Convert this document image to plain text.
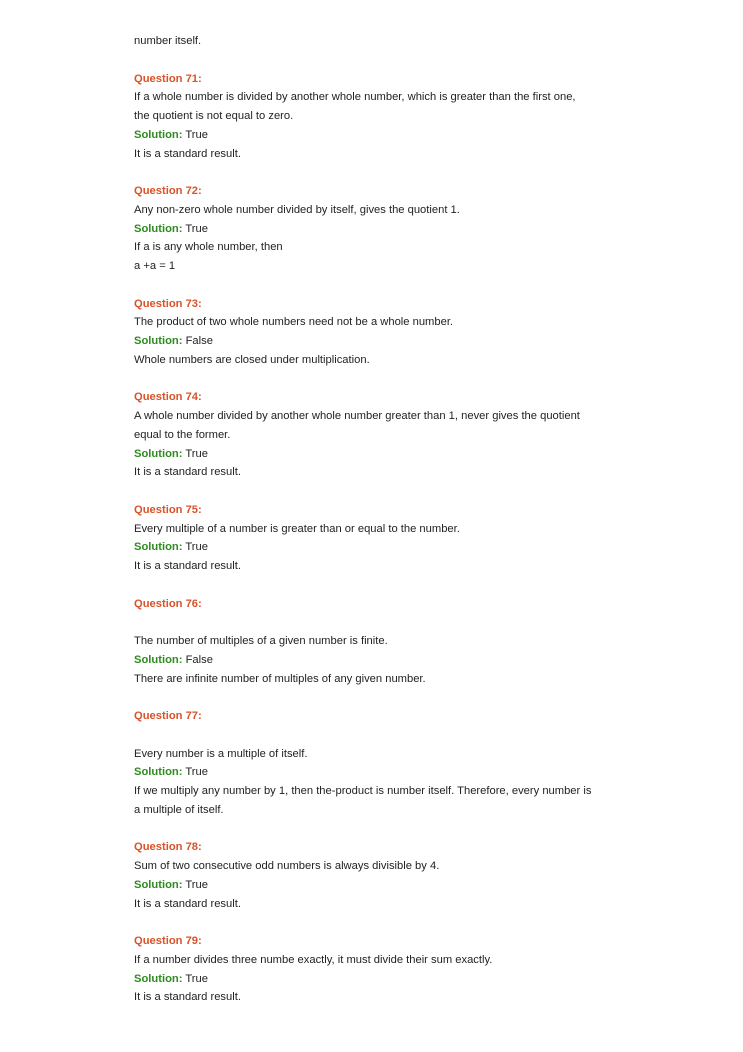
number itself.
Question 71:
If a whole number is divided by another whole number, which is greater than the first one,
the quotient is not equal to zero.
Solution: True
It is a standard result.
Question 72:
Any non-zero whole number divided by itself, gives the quotient 1.
Solution: True
If a is any whole number, then
a +a = 1
Question 73:
The product of two whole numbers need not be a whole number.
Solution: False
Whole numbers are closed under multiplication.
Question 74:
A whole number divided by another whole number greater than 1, never gives the quotient
equal to the former.
Solution: True
It is a standard result.
Question 75:
Every multiple of a number is greater than or equal to the number.
Solution: True
It is a standard result.
Question 76:
The number of multiples of a given number is finite.
Solution: False
There are infinite number of multiples of any given number.
Question 77:
Every number is a multiple of itself.
Solution: True
If we multiply any number by 1, then the-product is number itself. Therefore, every number is
a multiple of itself.
Question 78:
Sum of two consecutive odd numbers is always divisible by 4.
Solution: True
It is a standard result.
Question 79:
If a number divides three numbe exactly, it must divide their sum exactly.
Solution: True
It is a standard result.
